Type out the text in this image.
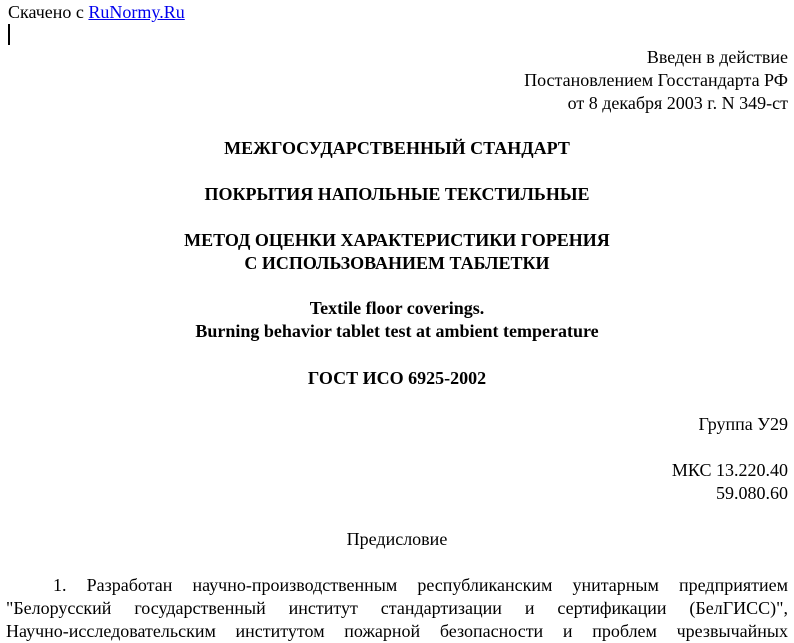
Скачено с RuNormy.Ru
Введен в действие
Постановлением Госстандарта РФ
от 8 декабря 2003 г. N 349-ст
МЕЖГОСУДАРСТВЕННЫЙ СТАНДАРТ
ПОКРЫТИЯ НАПОЛЬНЫЕ ТЕКСТИЛЬНЫЕ
МЕТОД ОЦЕНКИ ХАРАКТЕРИСТИКИ ГОРЕНИЯ
С ИСПОЛЬЗОВАНИЕМ ТАБЛЕТКИ
Textile floor coverings.
Burning behavior tablet test at ambient temperature
ГОСТ ИСО 6925-2002
Группа У29
МКС 13.220.40
59.080.60
Предисловие
1. Разработан научно-производственным республиканским унитарным предприятием
"Белорусский государственный институт стандартизации и сертификации (БелГИСС)",
Научно-исследовательским институтом пожарной безопасности и проблем чрезвычайных
